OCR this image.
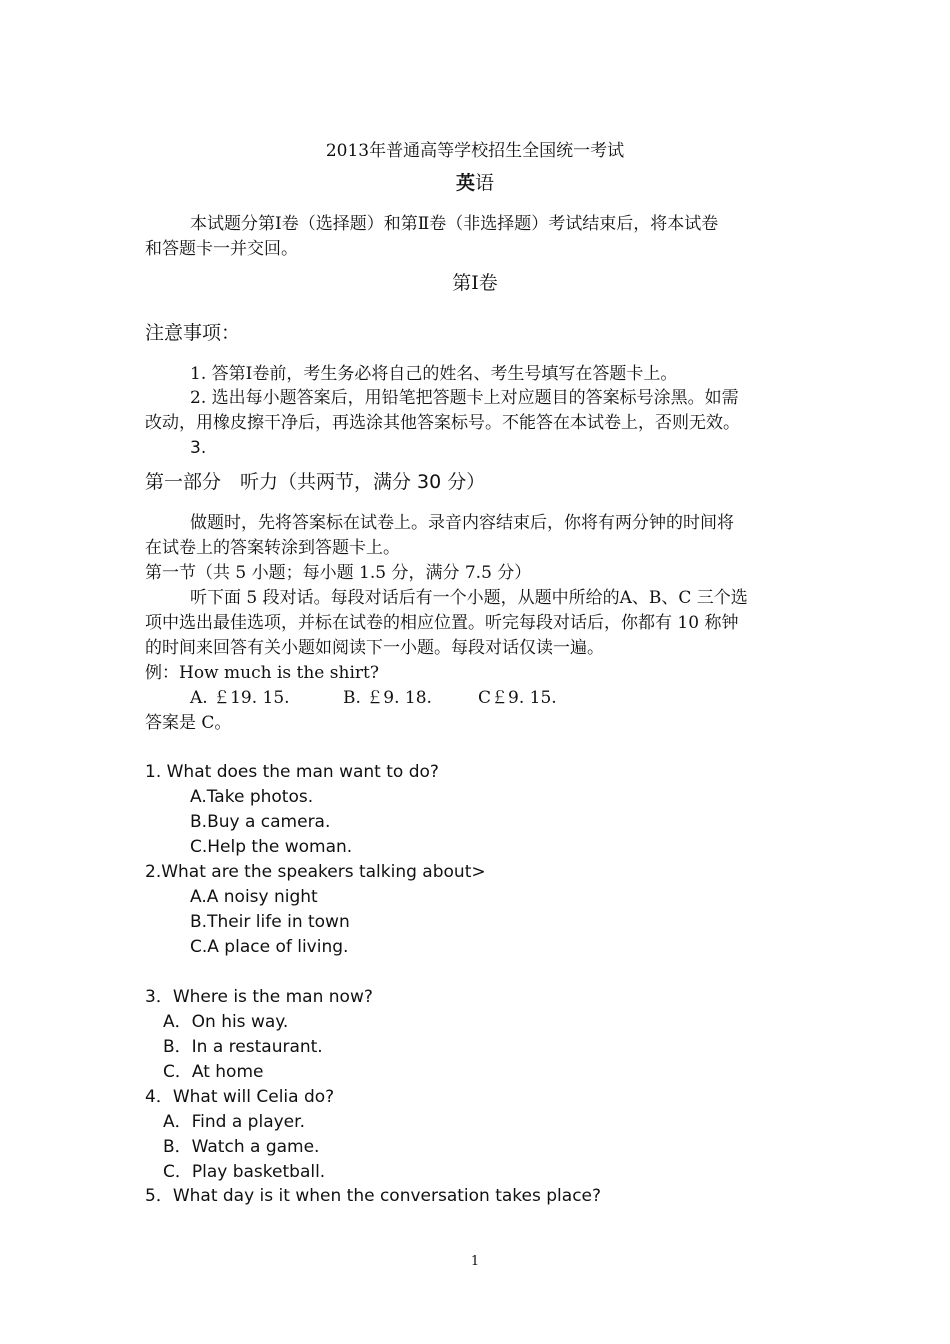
2013年普通高等学校招生全国统一考试
英语
本试题分第Ⅰ卷（选择题）和第Ⅱ卷（非选择题）考试结束后，将本试卷
和答题卡一并交回。
第Ⅰ卷
注意事项：
1. 答第Ⅰ卷前，考生务必将自己的姓名、考生号填写在答题卡上。
2. 选出每小题答案后，用铅笔把答题卡上对应题目的答案标号涂黑。如需
改动，用橡皮擦干净后，再选涂其他答案标号。不能答在本试卷上，否则无效。
3.
第一部分　听力（共两节，满分 30 分）
做题时，先将答案标在试卷上。录音内容结束后，你将有两分钟的时间将
在试卷上的答案转涂到答题卡上。
第一节（共 5 小题；每小题 1.5 分，满分 7.5 分）
听下面 5 段对话。每段对话后有一个小题，从题中所给的A、B、C 三个选
项中选出最佳选项，并标在试卷的相应位置。听完每段对话后，你都有 10 称钟
的时间来回答有关小题如阅读下一小题。每段对话仅读一遍。
例：How much is the shirt?
A. ￡19. 15.	B. ￡9. 18.	C￡9. 15.
答案是 C。
1. What does the man want to do?
A.Take photos.
B.Buy a camera.
C.Help the woman.
2.What are the speakers talking about>
A.A noisy night
B.Their life in town
C.A place of living.
3．Where is the man now?
A．On his way.
B．In a restaurant.
C．At home
4．What will Celia do?
A．Find a player.
B．Watch a game.
C．Play basketball.
5．What day is it when the conversation takes place?
1
